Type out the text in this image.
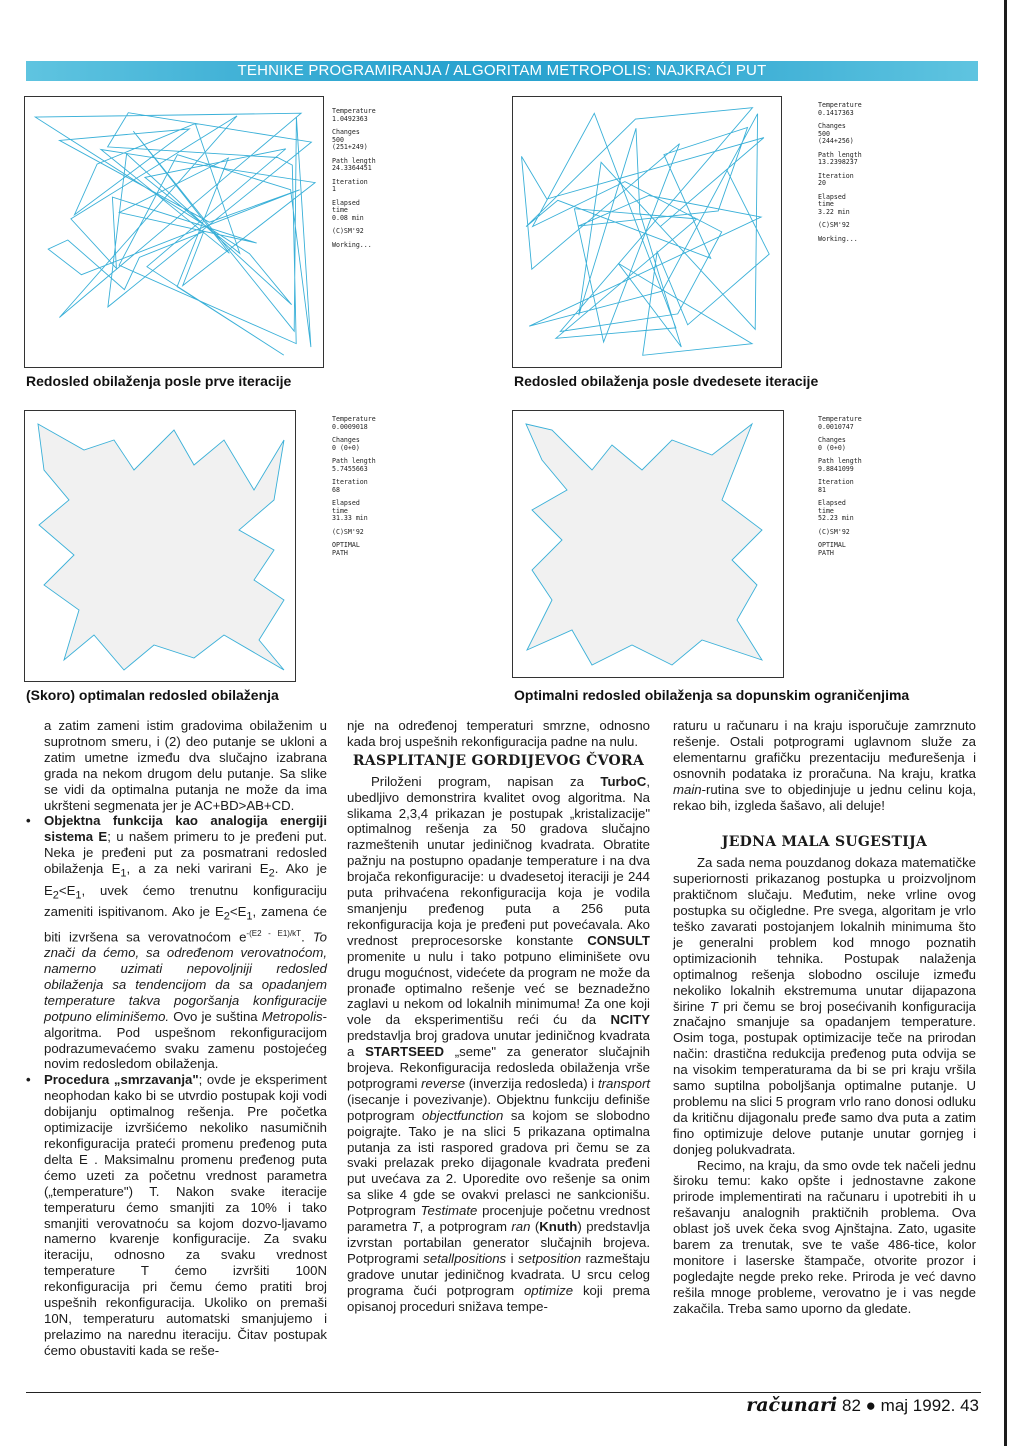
TEHNIKE PROGRAMIRANJA / ALGORITAM METROPOLIS: NAJKRAĆI PUT
Temperature
1.0492363
Changes
500 (251+249)
Path length
24.3364451
Iteration
1
Elapsed time
0.08 min
(C)SM'92
Working...
Redosled obilaženja posle prve iteracije
Temperature
0.1417363
Changes
500 (244+256)
Path length
13.2398237
Iteration
20
Elapsed time
3.22 min
(C)SM'92
Working...
Redosled obilaženja posle dvedesete iteracije
Temperature
0.0009018
Changes
0 (0+0)
Path length
5.7455663
Iteration
68
Elapsed time
31.33 min
(C)SM'92
OPTIMAL PATH
(Skoro) optimalan redosled obilaženja
Temperature
0.0010747
Changes
0 (0+0)
Path length
9.8841099
Iteration
81
Elapsed time
52.23 min
(C)SM'92
OPTIMAL PATH
Optimalni redosled obilaženja sa dopunskim ograničenjima

a zatim zameni istim gradovima obilaženim u suprotnom smeru, i (2) deo putanje se ukloni a zatim umetne između dva slučajno izabrana grada na nekom drugom delu putanje. Sa slike se vidi da optimalna putanja ne može da ima ukršteni segmenata jer je AC+BD>AB+CD.

• Objektna funkcija kao analogija energiji sistema E; u našem primeru to je pređeni put. Neka je pređeni put za posmatrani redosled obilaženja $E_1$, a za neki varirani $E_2$. Ako je $E_2<E_1$, uvek ćemo trenutnu konfiguraciju zameniti ispitivanom. Ako je $E_2<E_1$, zamena će biti izvršena sa verovatnoćom $e^{-(E2 - E1)/kT}$. To znači da ćemo, sa određenom verovatnoćom, namerno uzimati nepovoljniji redosled obilaženja sa tendencijom da sa opadanjem temperature takva pogoršanja konfiguracije potpuno eliminišemo. Ovo je suština Metropolis-algoritma. Pod uspešnom rekonfiguracijom podrazumevaćemo svaku zamenu postojećeg novim redosledom obilaženja.

• Procedura „smrzavanja"; ovde je eksperiment neophodan kako bi se utvrdio postupak koji vodi dobijanju optimalnog rešenja. Pre početka optimizacije izvršićemo nekoliko nasumičnih rekonfiguracija prateći promenu pređenog puta delta E . Maksimalnu promenu pređenog puta ćemo uzeti za početnu vrednost parametra („temperature") T. Nakon svake iteracije temperaturu ćemo smanjiti za 10% i tako smanjiti verovatnoću sa kojom dozvo-ljavamo namerno kvarenje konfiguracije. Za svaku iteraciju, odnosno za svaku vrednost temperature T ćemo izvršiti 100N rekonfiguracija pri čemu ćemo pratiti broj uspešnih rekonfiguracija. Ukoliko on premaši 10N, temperaturu automatski smanjujemo i prelazimo na narednu iteraciju. Čitav postupak ćemo obustaviti kada se reše-

nje na određenoj temperaturi smrzne, odnosno kada broj uspešnih rekonfiguracija padne na nulu.

RASPLITANJE GORDIJEVOG ČVORA

Priloženi program, napisan za TurboC, ubedljivo demonstrira kvalitet ovog algoritma. Na slikama 2,3,4 prikazan je postupak „kristalizacije" optimalnog rešenja za 50 gradova slučajno razmeštenih unutar jediničnog kvadrata. Obratite pažnju na postupno opadanje temperature i na dva brojača rekonfiguracije: u dvadesetoj iteraciji je 244 puta prihvaćena rekonfiguracija koja je vodila smanjenju pređenog puta a 256 puta rekonfiguracija koja je pređeni put povećavala. Ako vrednost preprocesorske konstante CONSULT promenite u nulu i tako potpuno eliminišete ovu drugu mogućnost, videćete da program ne može da pronađe optimalno rešenje već se beznadežno zaglavi u nekom od lokalnih minimuma! Za one koji vole da eksperimentišu reći ću da NCITY predstavlja broj gradova unutar jediničnog kvadrata a STARTSEED „seme" za generator slučajnih brojeva. Rekonfiguracija redosleda obilaženja vrše potprogrami reverse (inverzija redosleda) i transport (isecanje i povezivanje). Objektnu funkciju definiše potprogram objectfunction sa kojom se slobodno poigrajte. Tako je na slici 5 prikazana optimalna putanja za isti raspored gradova pri čemu se za svaki prelazak preko dijagonale kvadrata pređeni put uvećava za 2. Uporedite ovo rešenje sa onim sa slike 4 gde se ovakvi prelasci ne sankcionišu. Potprogram Testimate procenjuje početnu vrednost parametra T, a potprogram ran (Knuth) predstavlja izvrstan portabilan generator slučajnih brojeva. Potprogrami setallpositions i setposition razmeštaju gradove unutar jediničnog kvadrata. U srcu celog programa čući potprogram optimize koji prema opisanoj proceduri snižava tempe-

raturu u računaru i na kraju isporučuje zamrznuto rešenje. Ostali potprogrami uglavnom služe za elementarnu grafičku prezentaciju međurešenja i osnovnih podataka iz proračuna. Na kraju, kratka main-rutina sve to objedinjuje u jednu celinu koja, rekao bih, izgleda šašavo, ali deluje!

JEDNA MALA SUGESTIJA

Za sada nema pouzdanog dokaza matematičke superiornosti prikazanog postupka u proizvoljnom praktičnom slučaju. Međutim, neke vrline ovog postupka su očigledne. Pre svega, algoritam je vrlo teško zavarati postojanjem lokalnih minimuma što je generalni problem kod mnogo poznatih optimizacionih tehnika. Postupak nalaženja optimalnog rešenja slobodno osciluje između nekoliko lokalnih ekstremuma unutar dijapazona širine T pri čemu se broj posećivanih konfiguracija značajno smanjuje sa opadanjem temperature. Osim toga, postupak optimizacije teče na prirodan način: drastična redukcija pređenog puta odvija se na visokim temperaturama da bi se pri kraju vršila samo suptilna poboljšanja optimalne putanje. U problemu na slici 5 program vrlo rano donosi odluku da kritičnu dijagonalu pređe samo dva puta a zatim fino optimizuje delove putanje unutar gornjeg i donjeg polukvadrata.

Recimo, na kraju, da smo ovde tek načeli jednu široku temu: kako opšte i jednostavne zakone prirode implementirati na računaru i upotrebiti ih u rešavanju analognih praktičnih problema. Ova oblast još uvek čeka svog Ajnštajna. Zato, ugasite barem za trenutak, sve te vaše 486-tice, kolor monitore i laserske štampače, otvorite prozor i pogledajte negde preko reke. Priroda je već davno rešila mnoge probleme, verovatno je i vas negde zakačila. Treba samo uporno da gledate.

računari 82 ● maj 1992. 43
